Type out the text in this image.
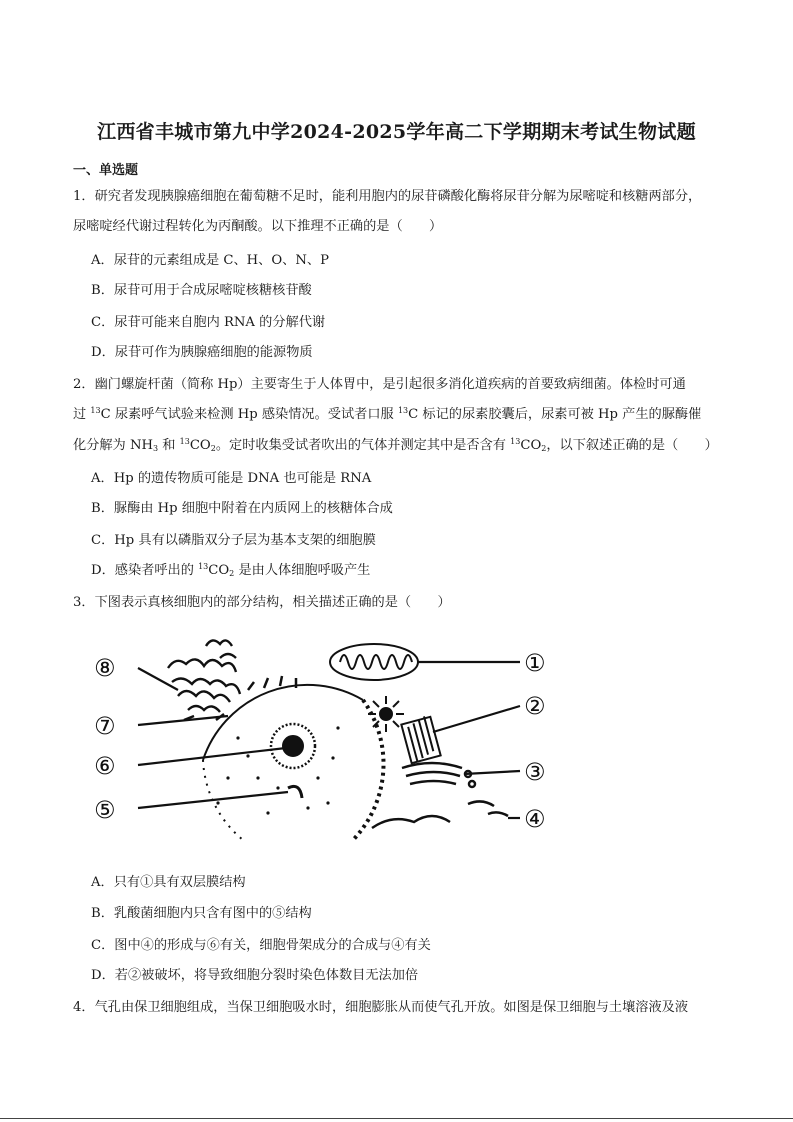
江西省丰城市第九中学2024-2025学年高二下学期期末考试生物试题
一、单选题
1．研究者发现胰腺癌细胞在葡萄糖不足时，能利用胞内的尿苷磷酸化酶将尿苷分解为尿嘧啶和核糖两部分，
尿嘧啶经代谢过程转化为丙酮酸。以下推理不正确的是（　　）
A．尿苷的元素组成是 C、H、O、N、P
B．尿苷可用于合成尿嘧啶核糖核苷酸
C．尿苷可能来自胞内 RNA 的分解代谢
D．尿苷可作为胰腺癌细胞的能源物质
2．幽门螺旋杆菌（简称 Hp）主要寄生于人体胃中，是引起很多消化道疾病的首要致病细菌。体检时可通
过 $^{13}$C 尿素呼气试验来检测 Hp 感染情况。受试者口服 $^{13}$C 标记的尿素胶囊后，尿素可被 Hp 产生的脲酶催
化分解为 $NH_3$ 和 $^{13}CO_2$。定时收集受试者吹出的气体并测定其中是否含有 $^{13}CO_2$，以下叙述正确的是（　　）
A．Hp 的遗传物质可能是 DNA 也可能是 RNA
B．脲酶由 Hp 细胞中附着在内质网上的核糖体合成
C．Hp 具有以磷脂双分子层为基本支架的细胞膜
D．感染者呼出的 $^{13}CO_2$ 是由人体细胞呼吸产生
3．下图表示真核细胞内的部分结构，相关描述正确的是（　　）
⑧
⑦
⑥
⑤
①
②
③
④
A．只有①具有双层膜结构
B．乳酸菌细胞内只含有图中的⑤结构
C．图中④的形成与⑥有关，细胞骨架成分的合成与④有关
D．若②被破坏，将导致细胞分裂时染色体数目无法加倍
4．气孔由保卫细胞组成，当保卫细胞吸水时，细胞膨胀从而使气孔开放。如图是保卫细胞与土壤溶液及液
